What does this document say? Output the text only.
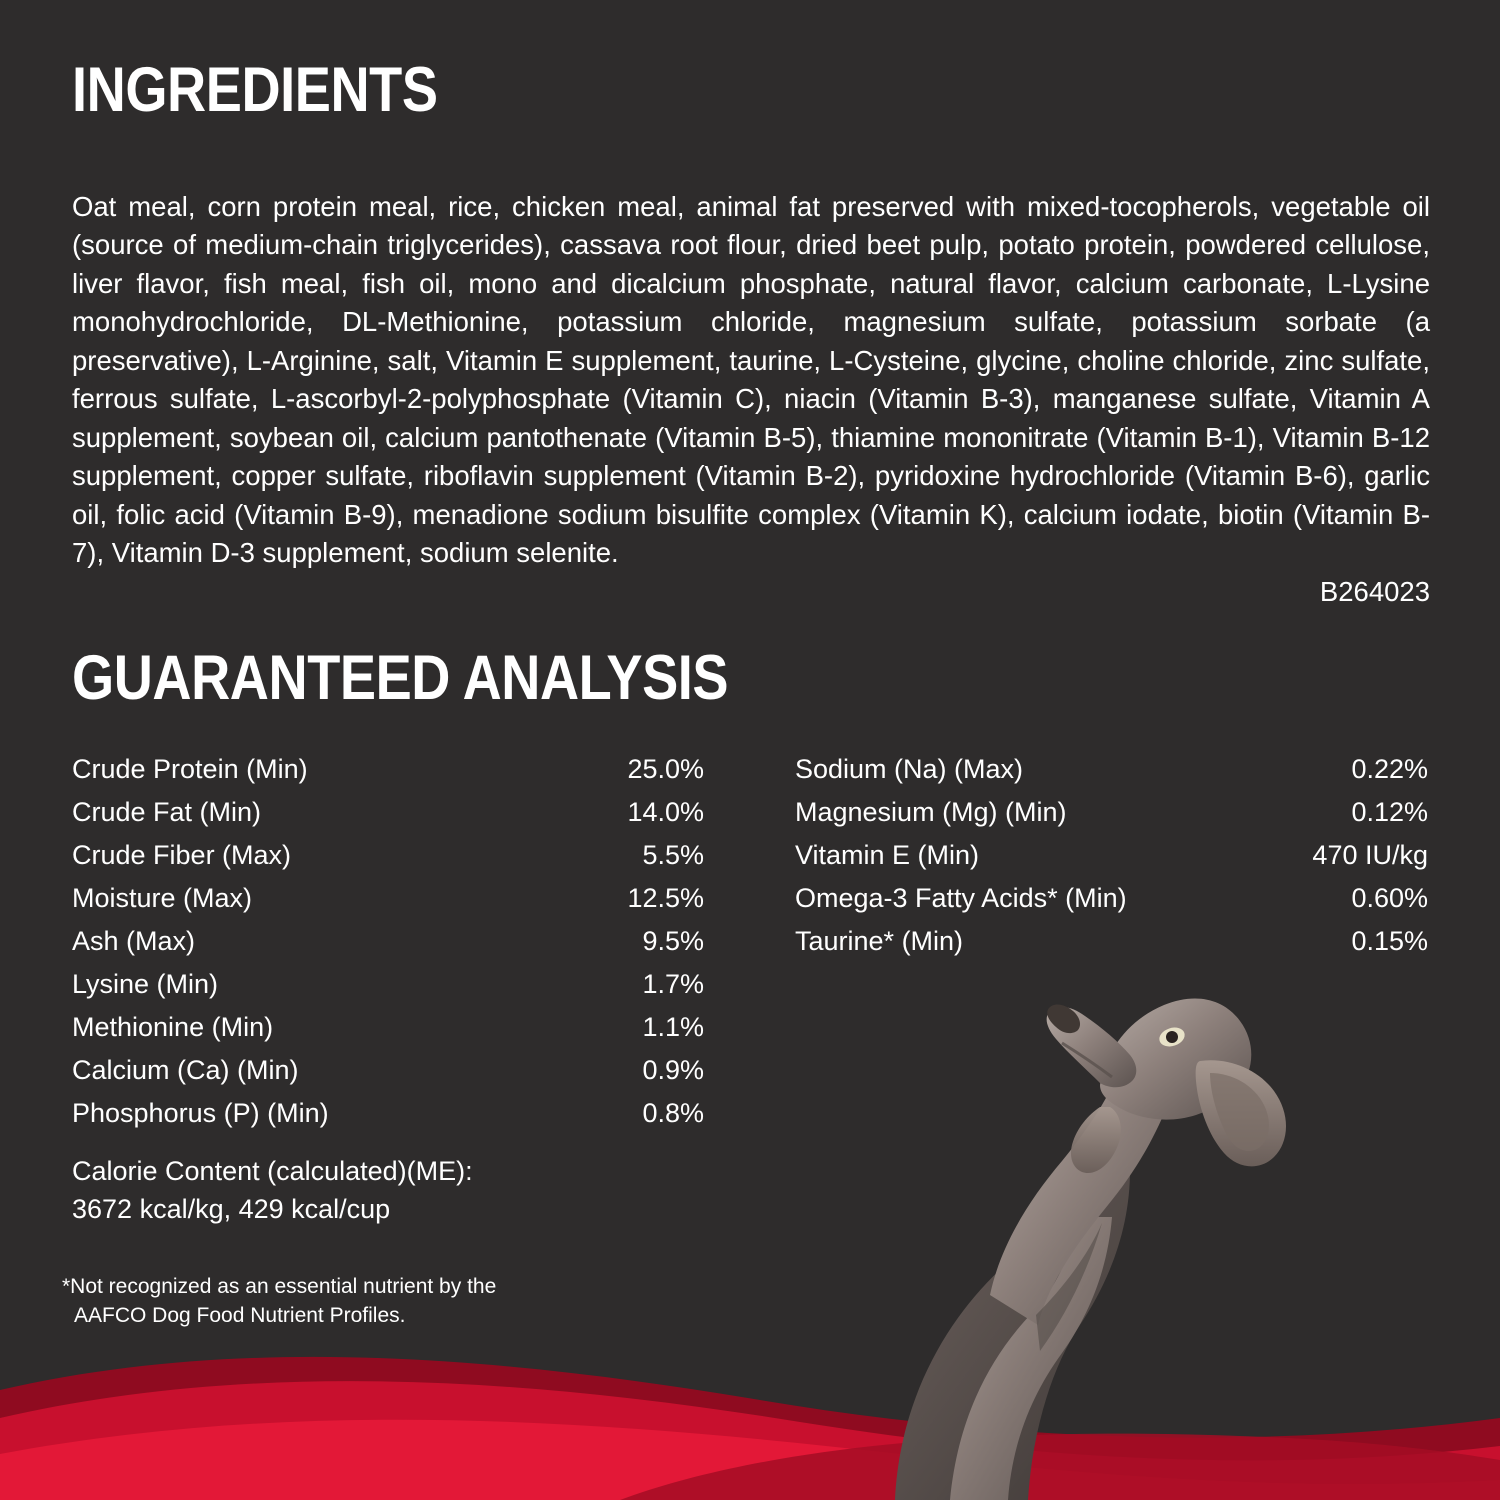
INGREDIENTS

Oat meal, corn protein meal, rice, chicken meal, animal fat preserved with mixed-tocopherols, vegetable oil (source of medium-chain triglycerides), cassava root flour, dried beet pulp, potato protein, powdered cellulose, liver flavor, fish meal, fish oil, mono and dicalcium phosphate, natural flavor, calcium carbonate, L-Lysine monohydrochloride, DL-Methionine, potassium chloride, magnesium sulfate, potassium sorbate (a preservative), L-Arginine, salt, Vitamin E supplement, taurine, L-Cysteine, glycine, choline chloride, zinc sulfate, ferrous sulfate, L-ascorbyl-2-polyphosphate (Vitamin C), niacin (Vitamin B-3), manganese sulfate, Vitamin A supplement, soybean oil, calcium pantothenate (Vitamin B-5), thiamine mononitrate (Vitamin B-1), Vitamin B-12 supplement, copper sulfate, riboflavin supplement (Vitamin B-2), pyridoxine hydrochloride (Vitamin B-6), garlic oil, folic acid (Vitamin B-9), menadione sodium bisulfite complex (Vitamin K), calcium iodate, biotin (Vitamin B-7), Vitamin D-3 supplement, sodium selenite.

B264023
GUARANTEED ANALYSIS
Crude Protein (Min)	25.0%
Crude Fat (Min)	14.0%
Crude Fiber (Max)	5.5%
Moisture (Max)	12.5%
Ash (Max)	9.5%
Lysine (Min)	1.7%
Methionine (Min)	1.1%
Calcium (Ca) (Min)	0.9%
Phosphorus (P) (Min)	0.8%
Sodium (Na) (Max)	0.22%
Magnesium (Mg) (Min)	0.12%
Vitamin E (Min)	470 IU/kg
Omega-3 Fatty Acids* (Min)	0.60%
Taurine* (Min)	0.15%
Calorie Content (calculated)(ME):
3672 kcal/kg, 429 kcal/cup
*Not recognized as an essential nutrient by the
AAFCO Dog Food Nutrient Profiles.
